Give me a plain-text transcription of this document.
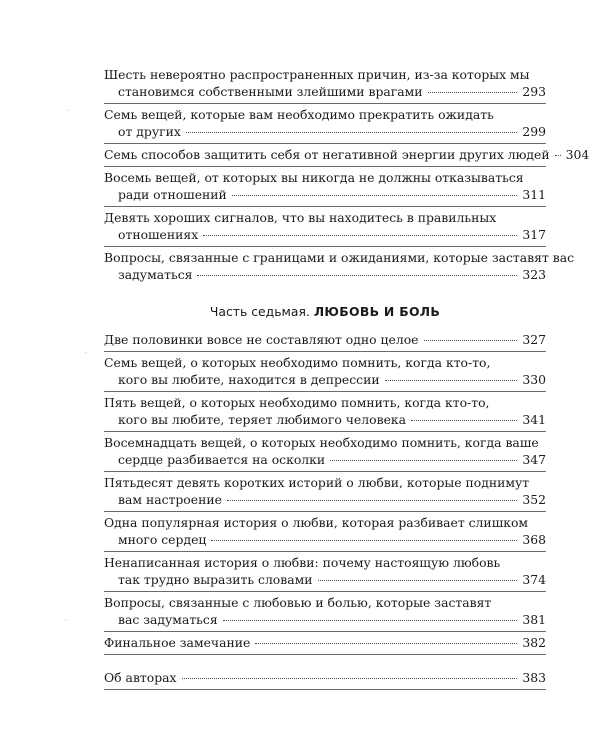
·
·
·
Шесть невероятно распространенных причин, из-за которых мы
становимся собственными злейшими врагами	293
Семь вещей, которые вам необходимо прекратить ожидать
от других	299
Семь способов защитить себя от негативной энергии других людей 304
Восемь вещей, от которых вы никогда не должны отказываться
ради отношений	311
Девять хороших сигналов, что вы находитесь в правильных
отношениях	317
Вопросы, связанные с границами и ожиданиями, которые заставят вас
задуматься	323
Часть седьмая. ЛЮБОВЬ И БОЛЬ
Две половинки вовсе не составляют одно целое	327
Семь вещей, о которых необходимо помнить, когда кто-то,
кого вы любите, находится в депрессии	330
Пять вещей, о которых необходимо помнить, когда кто-то,
кого вы любите, теряет любимого человека	341
Восемнадцать вещей, о которых необходимо помнить, когда ваше
сердце разбивается на осколки	347
Пятьдесят девять коротких историй о любви, которые поднимут
вам настроение	352
Одна популярная история о любви, которая разбивает слишком
много сердец	368
Ненаписанная история о любви: почему настоящую любовь
так трудно выразить словами	374
Вопросы, связанные с любовью и болью, которые заставят
вас задуматься	381
Финальное замечание	382
Об авторах	383
